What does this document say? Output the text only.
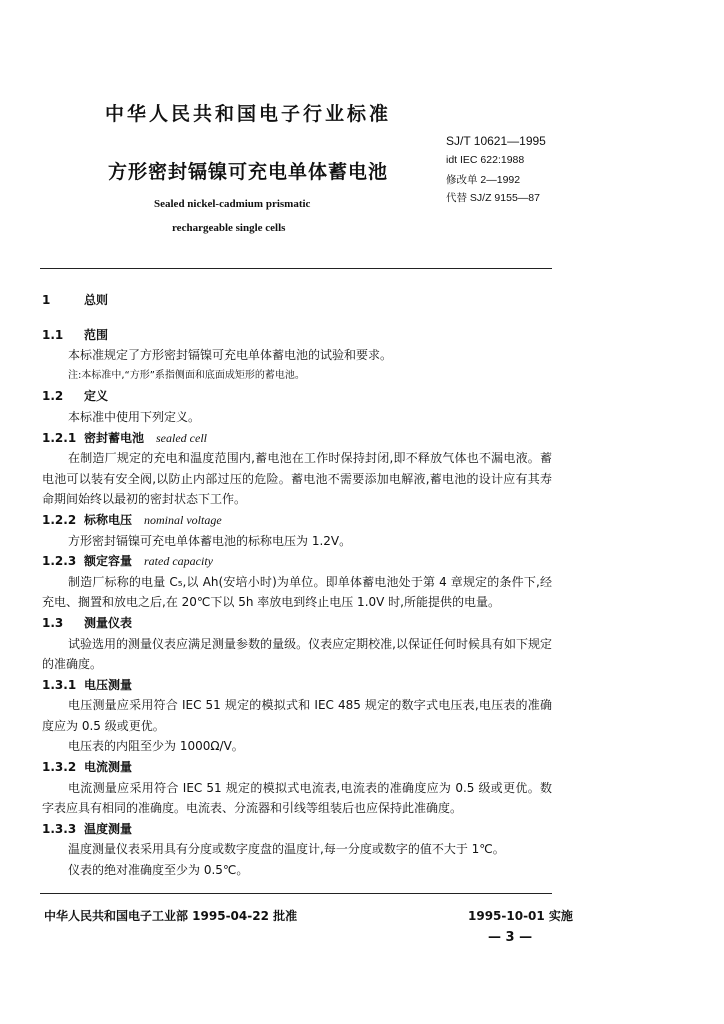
中华人民共和国电子行业标准
方形密封镉镍可充电单体蓄电池
Sealed nickel-cadmium prismatic
rechargeable single cells
SJ/T 10621—1995
idt IEC 622:1988
修改单 2—1992
代替 SJ/Z 9155—87

1	总则

1.1 范围

本标准规定了方形密封镉镍可充电单体蓄电池的试验和要求。

注:本标准中,“方形”系指侧面和底面成矩形的蓄电池。

1.2 定义

本标准中使用下列定义。

1.2.1 密封蓄电池 sealed cell

在制造厂规定的充电和温度范围内,蓄电池在工作时保持封闭,即不释放气体也不漏电液。蓄电池可以装有安全阀,以防止内部过压的危险。蓄电池不需要添加电解液,蓄电池的设计应有其寿命期间始终以最初的密封状态下工作。

1.2.2 标称电压 nominal voltage

方形密封镉镍可充电单体蓄电池的标称电压为 1.2V。

1.2.3 额定容量 rated capacity

制造厂标称的电量 C₅,以 Ah(安培小时)为单位。即单体蓄电池处于第 4 章规定的条件下,经充电、搁置和放电之后,在 20℃下以 5h 率放电到终止电压 1.0V 时,所能提供的电量。

1.3 测量仪表

试验选用的测量仪表应满足测量参数的量级。仪表应定期校准,以保证任何时候具有如下规定的准确度。

1.3.1 电压测量

电压测量应采用符合 IEC 51 规定的模拟式和 IEC 485 规定的数字式电压表,电压表的准确度应为 0.5 级或更优。

电压表的内阻至少为 1000Ω/V。

1.3.2 电流测量

电流测量应采用符合 IEC 51 规定的模拟式电流表,电流表的准确度应为 0.5 级或更优。数字表应具有相同的准确度。电流表、分流器和引线等组装后也应保持此准确度。

1.3.3 温度测量

温度测量仪表采用具有分度或数字度盘的温度计,每一分度或数字的值不大于 1℃。

仪表的绝对准确度至少为 0.5℃。

中华人民共和国电子工业部 1995-04-22 批准	1995-10-01 实施
— 3 —
